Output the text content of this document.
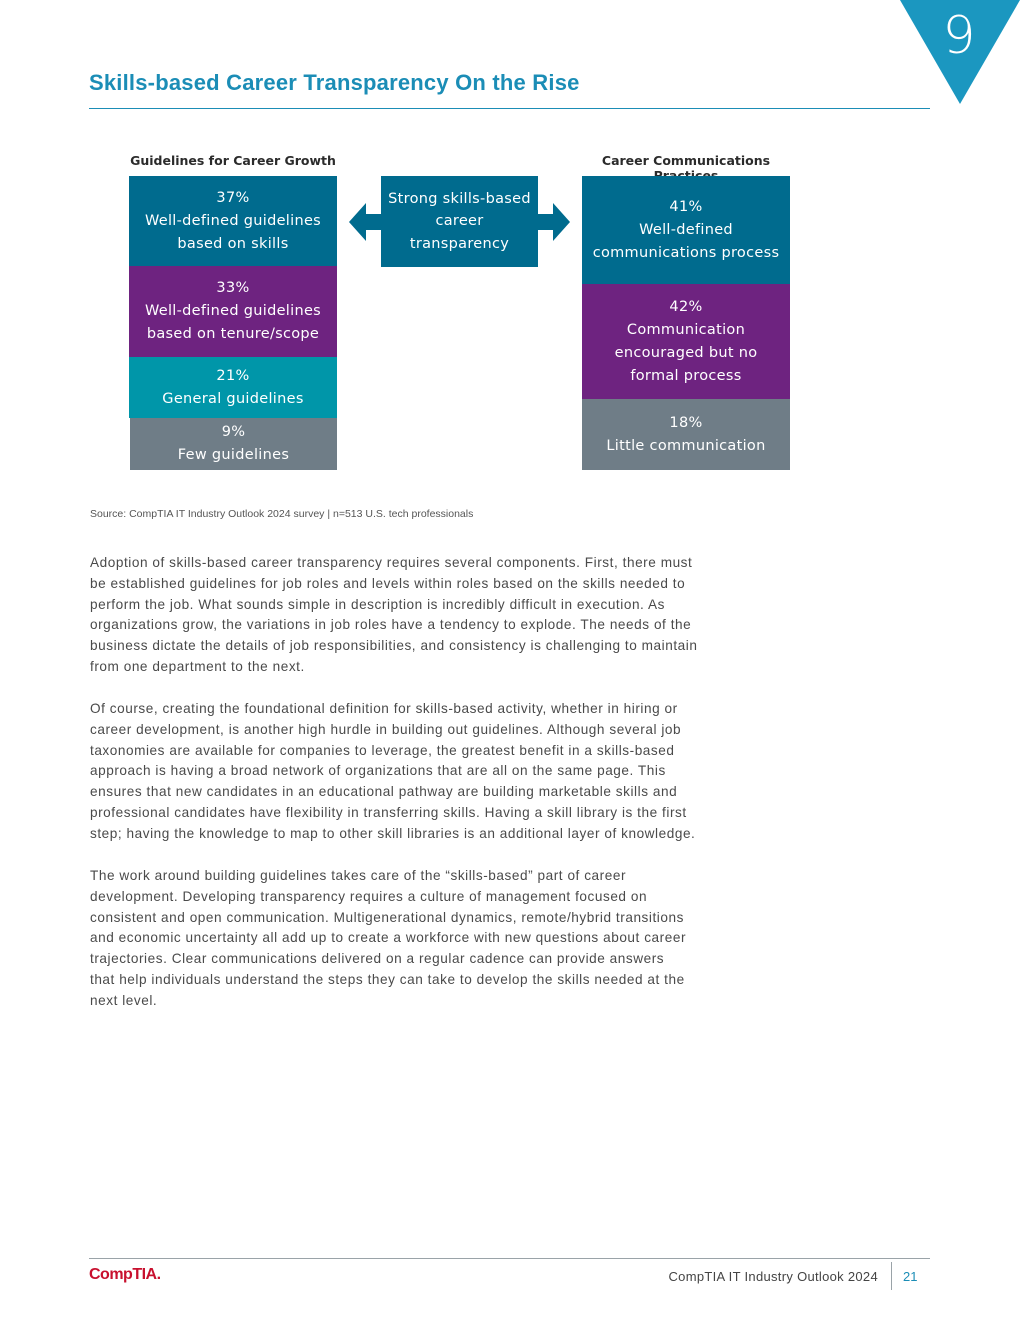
9
Skills-based Career Transparency On the Rise
Guidelines for Career Growth	Career Communications
37%
Well-defined guidelines
based on skills
33%
Well-defined guidelines
based on tenure/scope
21%
General guidelines
9%
Few guidelines
Strong skills-based
career
transparency
41%
Well-defined
communications process
42%
Communication
encouraged but no
formal process
18%
Little communication
Source: CompTIA IT Industry Outlook 2024 survey | n=513 U.S. tech professionals
Adoption of skills-based career transparency requires several components. First, there must
be established guidelines for job roles and levels within roles based on the skills needed to
perform the job. What sounds simple in description is incredibly difficult in execution. As
organizations grow, the variations in job roles have a tendency to explode. The needs of the
business dictate the details of job responsibilities, and consistency is challenging to maintain
from one department to the next.
Of course, creating the foundational definition for skills-based activity, whether in hiring or
career development, is another high hurdle in building out guidelines. Although several job
taxonomies are available for companies to leverage, the greatest benefit in a skills-based
approach is having a broad network of organizations that are all on the same page. This
ensures that new candidates in an educational pathway are building marketable skills and
professional candidates have flexibility in transferring skills. Having a skill library is the first
step; having the knowledge to map to other skill libraries is an additional layer of knowledge.
The work around building guidelines takes care of the “skills-based” part of career
development. Developing transparency requires a culture of management focused on
consistent and open communication. Multigenerational dynamics, remote/hybrid transitions
and economic uncertainty all add up to create a workforce with new questions about career
trajectories. Clear communications delivered on a regular cadence can provide answers
that help individuals understand the steps they can take to develop the skills needed at the
next level.
CompTIA.	CompTIA IT Industry Outlook 2024 21
